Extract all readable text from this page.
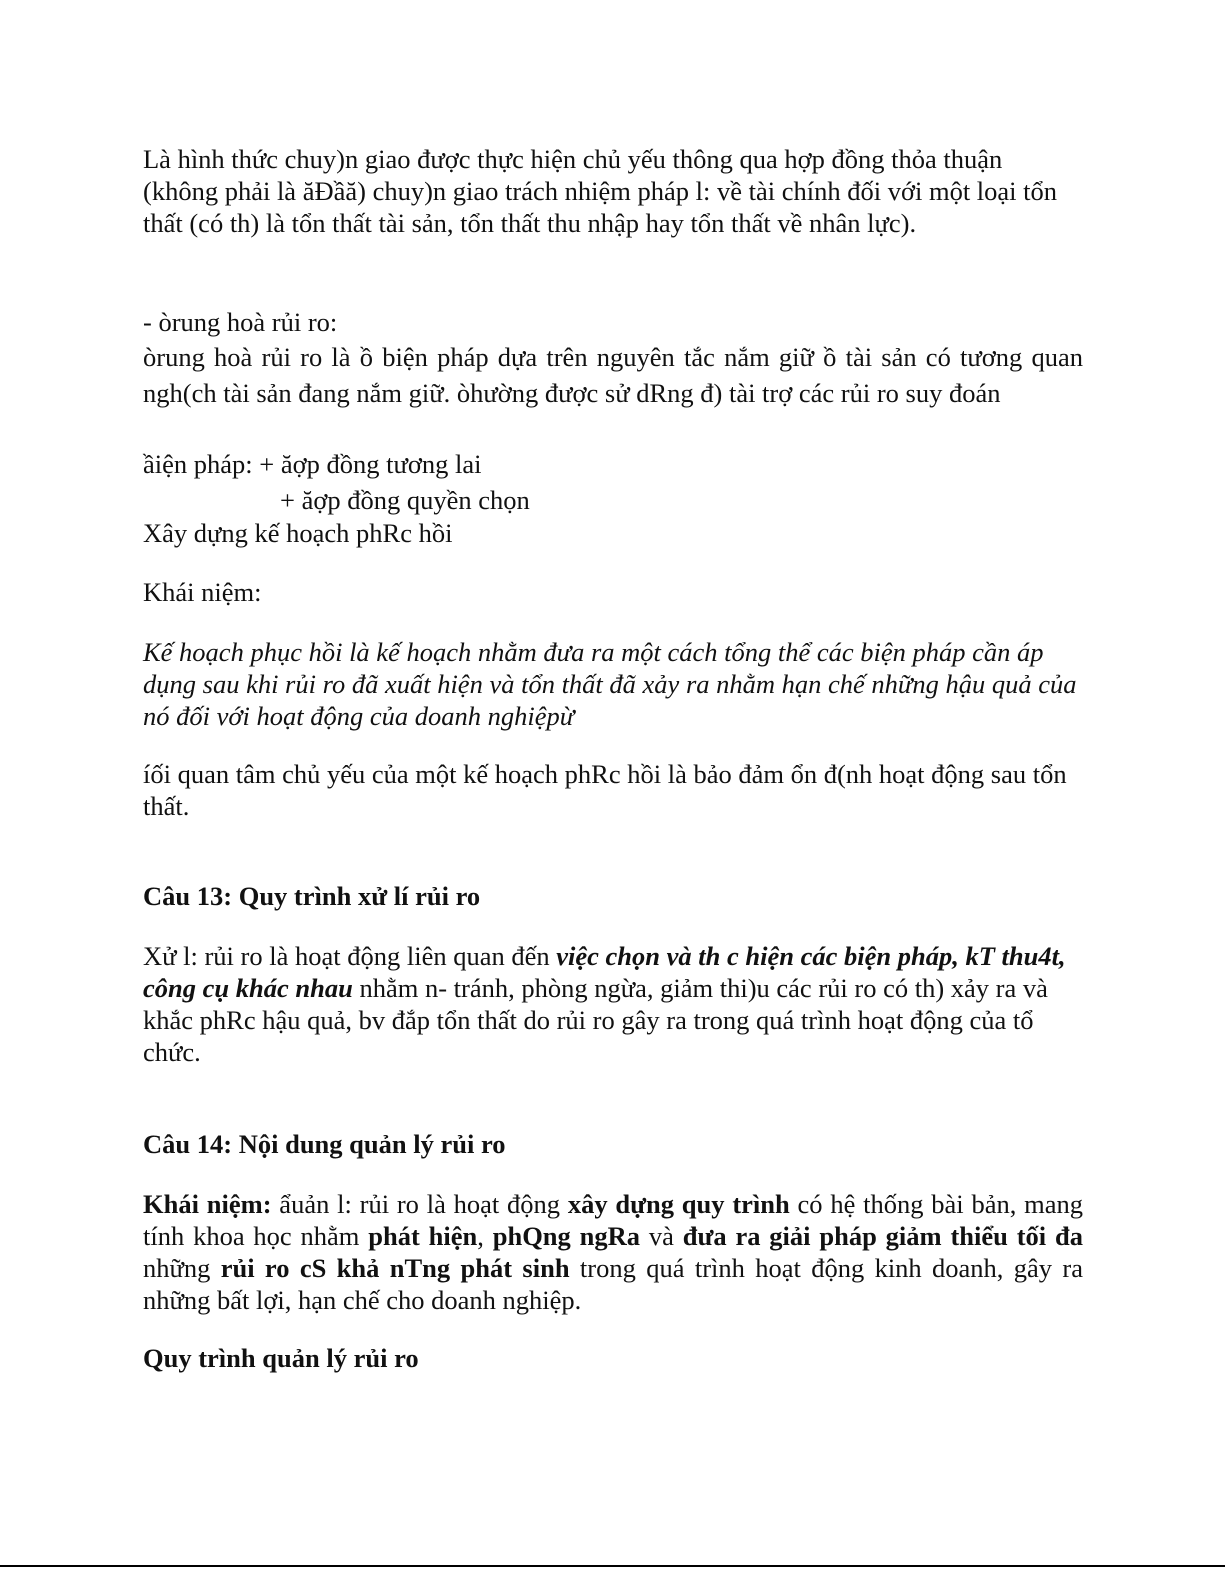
Là hình thức chuy)n giao được thực hiện chủ yếu thông qua hợp đồng thỏa thuận (không phải là ăĐầă) chuy)n giao trách nhiệm pháp l: về tài chính đối với một loại tổn thất (có th) là tổn thất tài sản, tổn thất thu nhập hay tổn thất về nhân lực).

- òrung hoà rủi ro:

òrung hoà rủi ro là ồ biện pháp dựa trên nguyên tắc nắm giữ ồ tài sản có tương quan ngh(ch tài sản đang nắm giữ. òhường được sử dRng đ) tài trợ các rủi ro suy đoán

ầiện pháp: + ăợp đồng tương lai

+ ăợp đồng quyền chọn

Xây dựng kế hoạch phRc hồi

Khái niệm:

Kế hoạch phục hồi là kế hoạch nhằm đưa ra một cách tổng thể các biện pháp cần áp dụng sau khi rủi ro đã xuất hiện và tổn thất đã xảy ra nhằm hạn chế những hậu quả của nó đối với hoạt động của doanh nghiệpừ

íối quan tâm chủ yếu của một kế hoạch phRc hồi là bảo đảm ổn đ(nh hoạt động sau tổn thất.

Câu 13: Quy trình xử lí rủi ro

Xử l: rủi ro là hoạt động liên quan đến việc chọn và th c hiện các biện pháp, kT thu4t, công cụ khác nhau nhằm n- tránh, phòng ngừa, giảm thi)u các rủi ro có th) xảy ra và khắc phRc hậu quả, bv đắp tổn thất do rủi ro gây ra trong quá trình hoạt động của tổ chức.

Câu 14: Nội dung quản lý rủi ro

Khái niệm: ẩuản l: rủi ro là hoạt động xây dựng quy trình có hệ thống bài bản, mang tính khoa học nhằm phát hiện, phQng ngRa và đưa ra giải pháp giảm thiểu tối đa những rủi ro cS khả nTng phát sinh trong quá trình hoạt động kinh doanh, gây ra những bất lợi, hạn chế cho doanh nghiệp.

Quy trình quản lý rủi ro
